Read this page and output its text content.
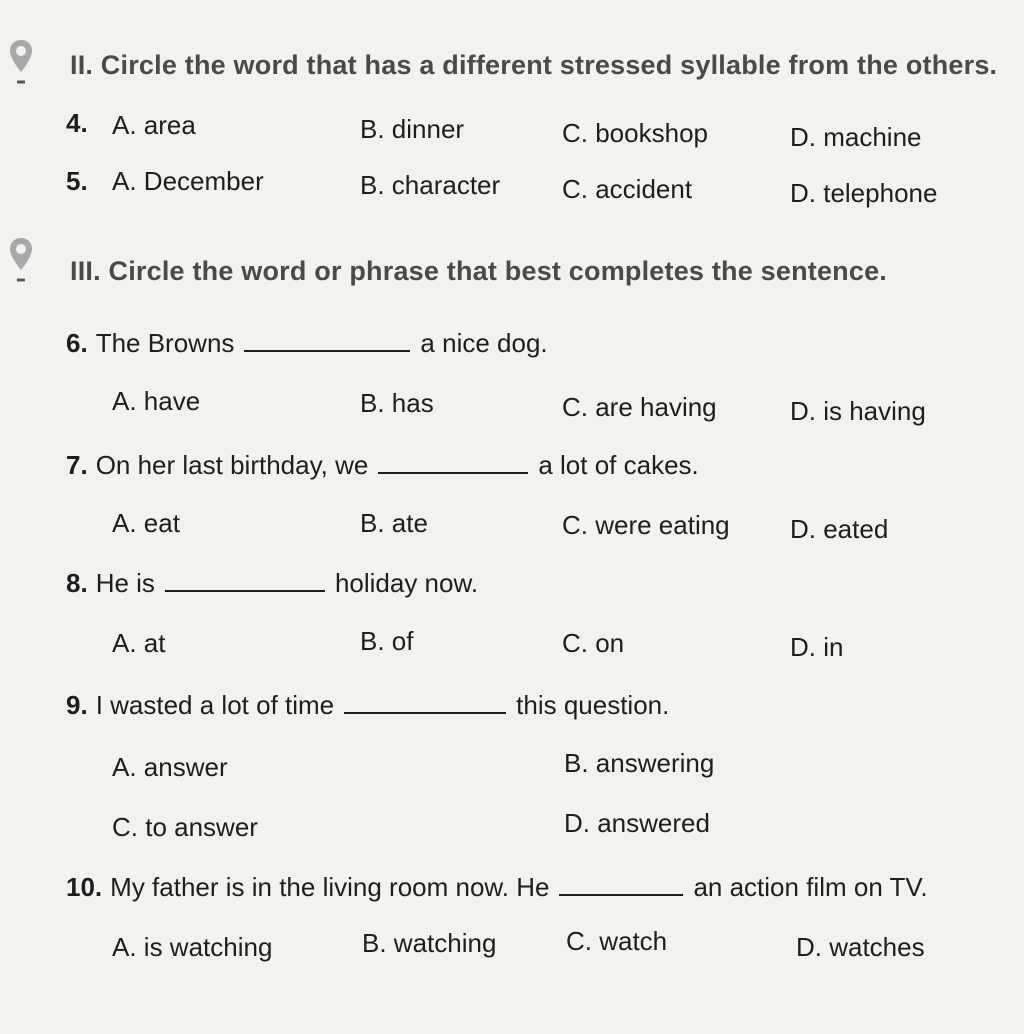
II. Circle the word that has a different stressed syllable from the others.
4. A. area	B. dinner	C. bookshop	D. machine
5. A. December	B. character C. accident	D. telephone
III. Circle the word or phrase that best completes the sentence.
6. The Browns	a nice dog.
A. have	B. has	C. are having	D. is having
7. On her last birthday, we	a lot of cakes.
A. eat	B. ate	C. were eating D. eated
8. He is	holiday now.
A. at	B. of	C. on	D. in
9. I wasted a lot of time	this question.
A. answer	B. answering
C. to answer	D. answered
10. My father is in the living room now. He	an action film on TV.
A. is watching	B. watching	C. watch	D. watches
